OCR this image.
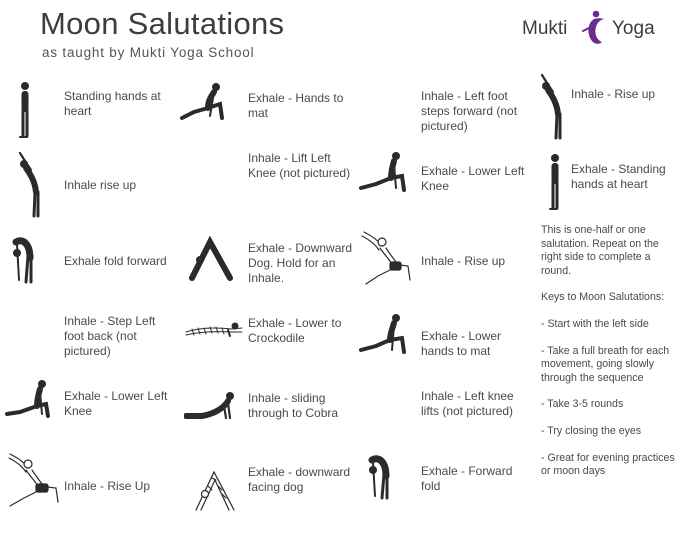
Moon Salutations
as taught by Mukti Yoga School
Mukti Yoga
Standing hands at heart
Inhale rise up
Exhale fold forward
Inhale - Step Left foot back (not pictured)
Exhale - Lower Left Knee
Inhale - Rise Up
Exhale - Hands to mat
Inhale - Lift Left Knee (not pictured)
Exhale - Downward Dog. Hold for an Inhale.
Exhale - Lower to Crockodile
Inhale - sliding through to Cobra
Exhale - downward facing dog
Inhale - Left foot steps forward (not pictured)
Exhale - Lower Left Knee
Inhale - Rise up
Exhale - Lower hands to mat
Inhale - Left knee lifts (not pictured)
Exhale - Forward fold
Inhale - Rise up
Exhale - Standing hands at heart

This is one-half or one salutation. Repeat on the right side to complete a round.

Keys to Moon Salutations:

- Start with the left side

- Take a full breath for each movement, going slowly through the sequence

- Take 3-5 rounds

- Try closing the eyes

- Great for evening practices or moon days
